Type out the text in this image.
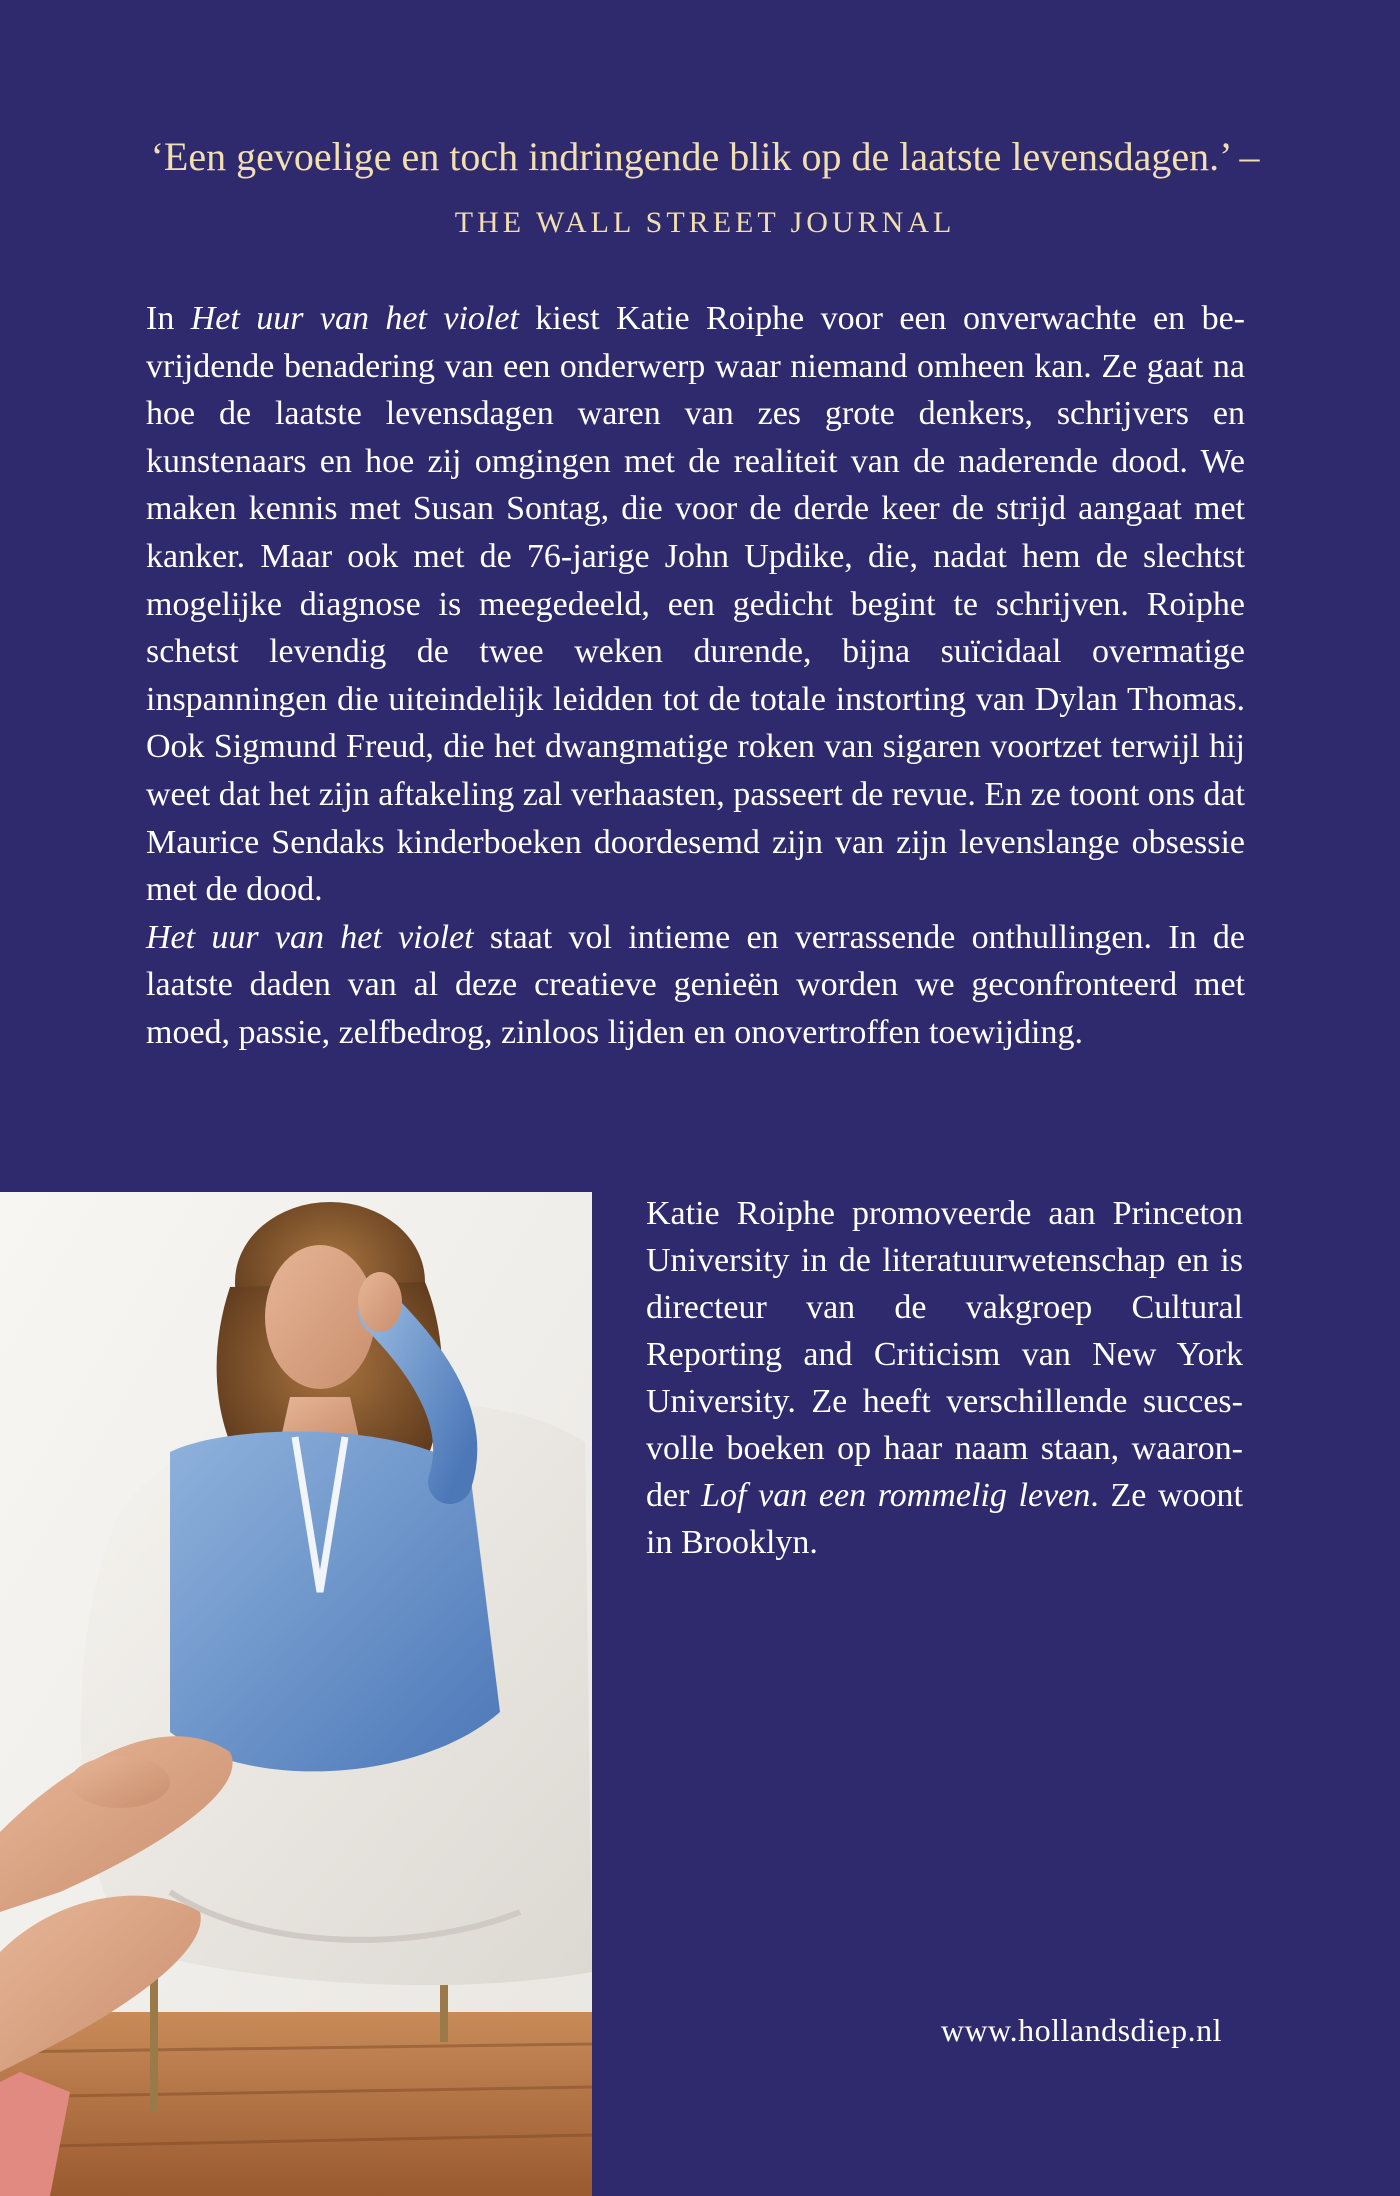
‘Een gevoelige en toch indringende blik op de laatste levensdagen.’ – THE WALL STREET JOURNAL

In Het uur van het violet kiest Katie Roiphe voor een onverwachte en bevrijdende benadering van een onderwerp waar niemand omheen kan. Ze gaat na hoe de laatste levensdagen waren van zes grote denkers, schrijvers en kunstenaars en hoe zij omgingen met de realiteit van de naderende dood. We maken kennis met Susan Sontag, die voor de derde keer de strijd aangaat met kanker. Maar ook met de 76-jarige John Updike, die, nadat hem de slechtst mogelijke diagnose is meegedeeld, een gedicht begint te schrijven. Roiphe schetst levendig de twee weken durende, bijna suïcidaal overmatige inspanningen die uiteindelijk leidden tot de totale instorting van Dylan Thomas. Ook Sigmund Freud, die het dwangmatige roken van sigaren voortzet terwijl hij weet dat het zijn aftakeling zal verhaasten, passeert de revue. En ze toont ons dat Maurice Sendaks kinderboeken doordesemd zijn van zijn levenslange obsessie met de dood.

Het uur van het violet staat vol intieme en verrassende onthullingen. In de laatste daden van al deze creatieve genieën worden we geconfronteerd met moed, passie, zelfbedrog, zinloos lijden en onovertroffen toewijding.

Katie Roiphe promoveerde aan Princeton University in de literatuurwetenschap en is directeur van de vakgroep Cultural Reporting and Criticism van New York University. Ze heeft verschillende succesvolle boeken op haar naam staan, waaronder Lof van een rommelig leven. Ze woont in Brooklyn.

www.hollandsdiep.nl
